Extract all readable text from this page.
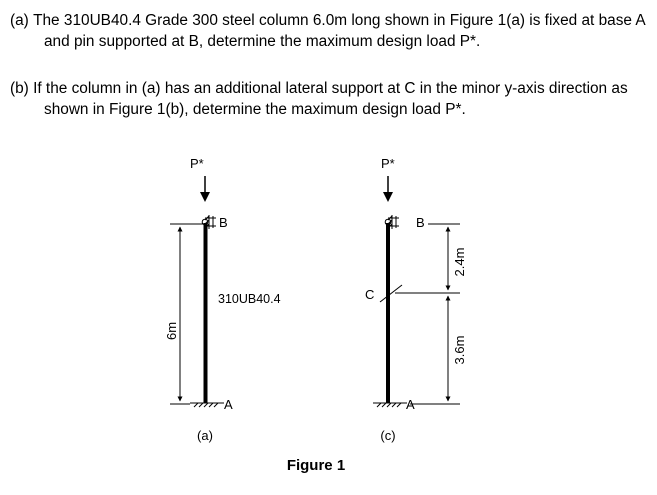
(a) The 310UB40.4 Grade 300 steel column 6.0m long shown in Figure 1(a) is fixed at base A and pin supported at B, determine the maximum design load P*.
(b) If the column in (a) has an additional lateral support at C in the minor y-axis direction as shown in Figure 1(b), determine the maximum design load P*.
P*
B
310UB40.4
A
6m
(a)
P*
B
C
A
2.4m
3.6m
(c)
Figure 1
